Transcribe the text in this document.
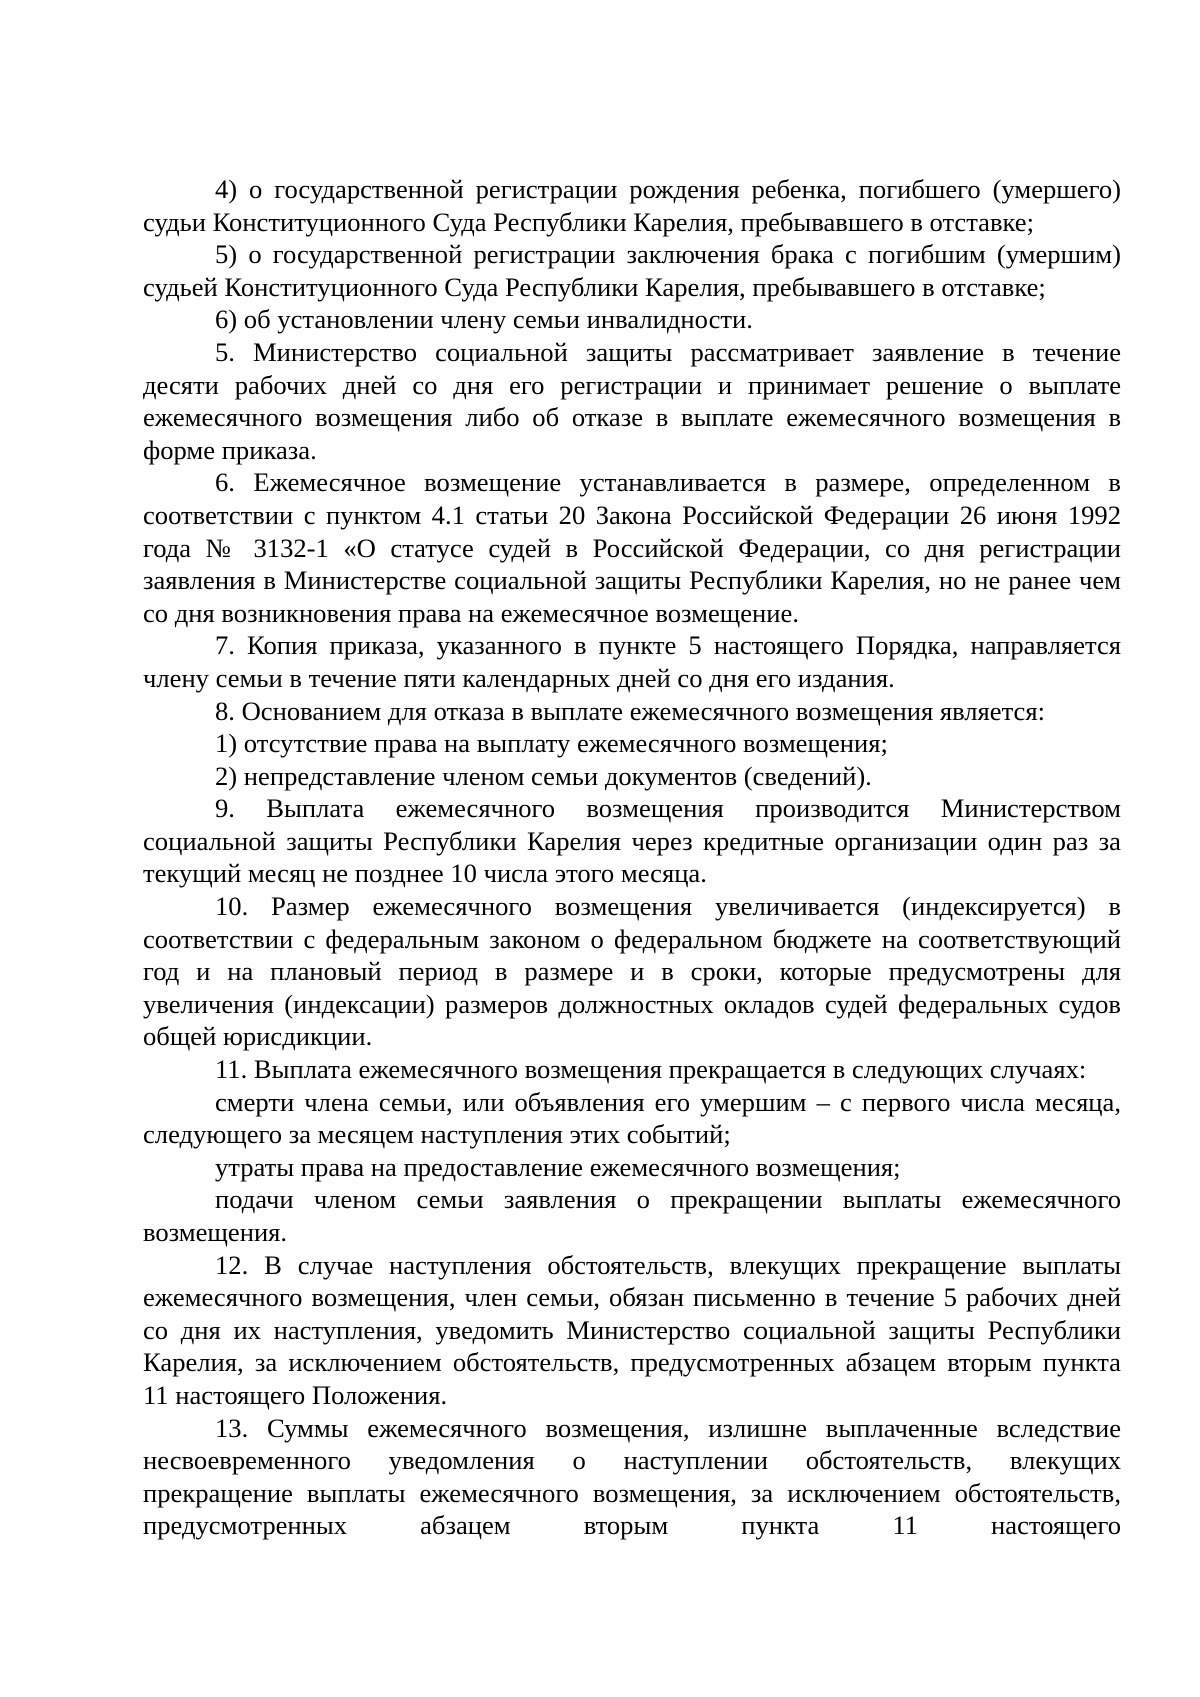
4) о государственной регистрации рождения ребенка, погибшего (умершего) судьи Конституционного Суда Республики Карелия, пребывавшего в отставке;

5) о государственной регистрации заключения брака с погибшим (умершим) судьей Конституционного Суда Республики Карелия, пребывавшего в отставке;

6) об установлении члену семьи инвалидности.

5. Министерство социальной защиты рассматривает заявление в течение десяти рабочих дней со дня его регистрации и принимает решение о выплате ежемесячного возмещения либо об отказе в выплате ежемесячного возмещения в форме приказа.

6. Ежемесячное возмещение устанавливается в размере, определенном в соответствии с пунктом 4.1 статьи 20 Закона Российской Федерации 26 июня 1992 года № 3132-1 «О статусе судей в Российской Федерации, со дня регистрации заявления в Министерстве социальной защиты Республики Карелия, но не ранее чем со дня возникновения права на ежемесячное возмещение.

7. Копия приказа, указанного в пункте 5 настоящего Порядка, направляется члену семьи в течение пяти календарных дней со дня его издания.

8. Основанием для отказа в выплате ежемесячного возмещения является:

1) отсутствие права на выплату ежемесячного возмещения;

2) непредставление членом семьи документов (сведений).

9. Выплата ежемесячного возмещения производится Министерством социальной защиты Республики Карелия через кредитные организации один раз за текущий месяц не позднее 10 числа этого месяца.

10. Размер ежемесячного возмещения увеличивается (индексируется) в соответствии с федеральным законом о федеральном бюджете на соответствующий год и на плановый период в размере и в сроки, которые предусмотрены для увеличения (индексации) размеров должностных окладов судей федеральных судов общей юрисдикции.

11. Выплата ежемесячного возмещения прекращается в следующих случаях:

смерти члена семьи, или объявления его умершим – с первого числа месяца, следующего за месяцем наступления этих событий;

утраты права на предоставление ежемесячного возмещения;

подачи членом семьи заявления о прекращении выплаты ежемесячного возмещения.

12. В случае наступления обстоятельств, влекущих прекращение выплаты ежемесячного возмещения, член семьи, обязан письменно в течение 5 рабочих дней со дня их наступления, уведомить Министерство социальной защиты Республики Карелия, за исключением обстоятельств, предусмотренных абзацем вторым пункта 11 настоящего Положения.

13. Суммы ежемесячного возмещения, излишне выплаченные вследствие несвоевременного уведомления о наступлении обстоятельств, влекущих прекращение выплаты ежемесячного возмещения, за исключением обстоятельств, предусмотренных абзацем вторым пункта 11 настоящего
